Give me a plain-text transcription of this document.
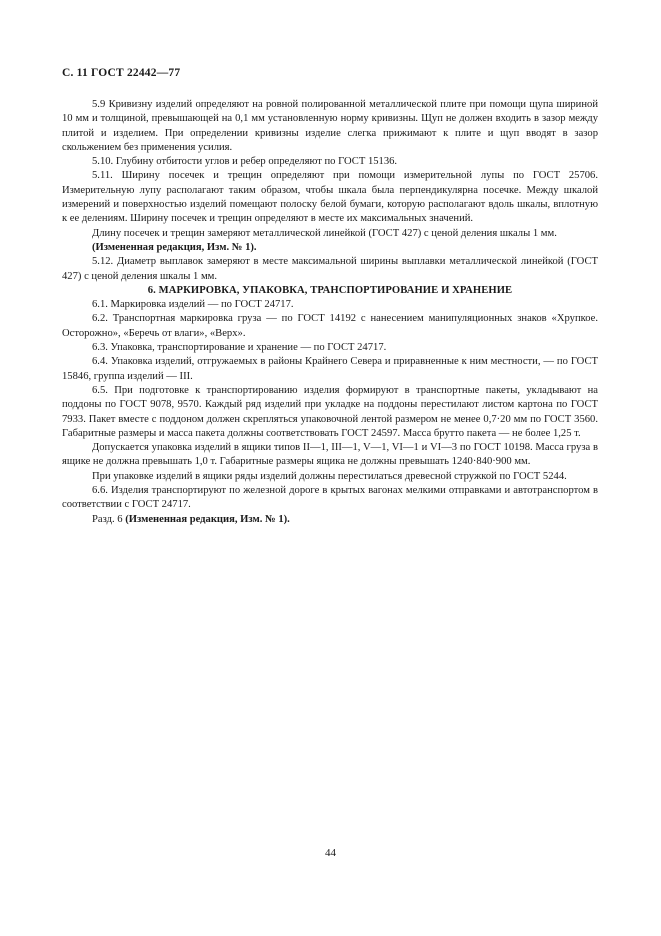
С. 11 ГОСТ 22442—77

5.9 Кривизну изделий определяют на ровной полированной металлической плите при помощи щупа шириной 10 мм и толщиной, превышающей на 0,1 мм установленную норму кривизны. Щуп не должен входить в зазор между плитой и изделием. При определении кривизны изделие слегка прижимают к плите и щуп вводят в зазор скольжением без применения усилия.

5.10. Глубину отбитости углов и ребер определяют по ГОСТ 15136.

5.11. Ширину посечек и трещин определяют при помощи измерительной лупы по ГОСТ 25706. Измерительную лупу располагают таким образом, чтобы шкала была перпендикулярна посечке. Между шкалой измерений и поверхностью изделий помещают полоску белой бумаги, которую располагают вдоль шкалы, вплотную к ее делениям. Ширину посечек и трещин определяют в месте их максимальных значений.

Длину посечек и трещин замеряют металлической линейкой (ГОСТ 427) с ценой деления шкалы 1 мм.

(Измененная редакция, Изм. № 1).

5.12. Диаметр выплавок замеряют в месте максимальной ширины выплавки металлической линейкой (ГОСТ 427) с ценой деления шкалы 1 мм.

6. МАРКИРОВКА, УПАКОВКА, ТРАНСПОРТИРОВАНИЕ И ХРАНЕНИЕ

6.1. Маркировка изделий — по ГОСТ 24717.

6.2. Транспортная маркировка груза — по ГОСТ 14192 с нанесением манипуляционных знаков «Хрупкое. Осторожно», «Беречь от влаги», «Верх».

6.3. Упаковка, транспортирование и хранение — по ГОСТ 24717.

6.4. Упаковка изделий, отгружаемых в районы Крайнего Севера и приравненные к ним местности, — по ГОСТ 15846, группа изделий — III.

6.5. При подготовке к транспортированию изделия формируют в транспортные пакеты, укладывают на поддоны по ГОСТ 9078, 9570. Каждый ряд изделий при укладке на поддоны перестилают листом картона по ГОСТ 7933. Пакет вместе с поддоном должен скрепляться упаковочной лентой размером не менее 0,7·20 мм по ГОСТ 3560. Габаритные размеры и масса пакета должны соответствовать ГОСТ 24597. Масса брутто пакета — не более 1,25 т.

Допускается упаковка изделий в ящики типов II—1, III—1, V—1, VI—1 и VI—3 по ГОСТ 10198. Масса груза в ящике не должна превышать 1,0 т. Габаритные размеры ящика не должны превышать 1240·840·900 мм.

При упаковке изделий в ящики ряды изделий должны перестилаться древесной стружкой по ГОСТ 5244.

6.6. Изделия транспортируют по железной дороге в крытых вагонах мелкими отправками и автотранспортом в соответствии с ГОСТ 24717.

Разд. 6 (Измененная редакция, Изм. № 1).

44
